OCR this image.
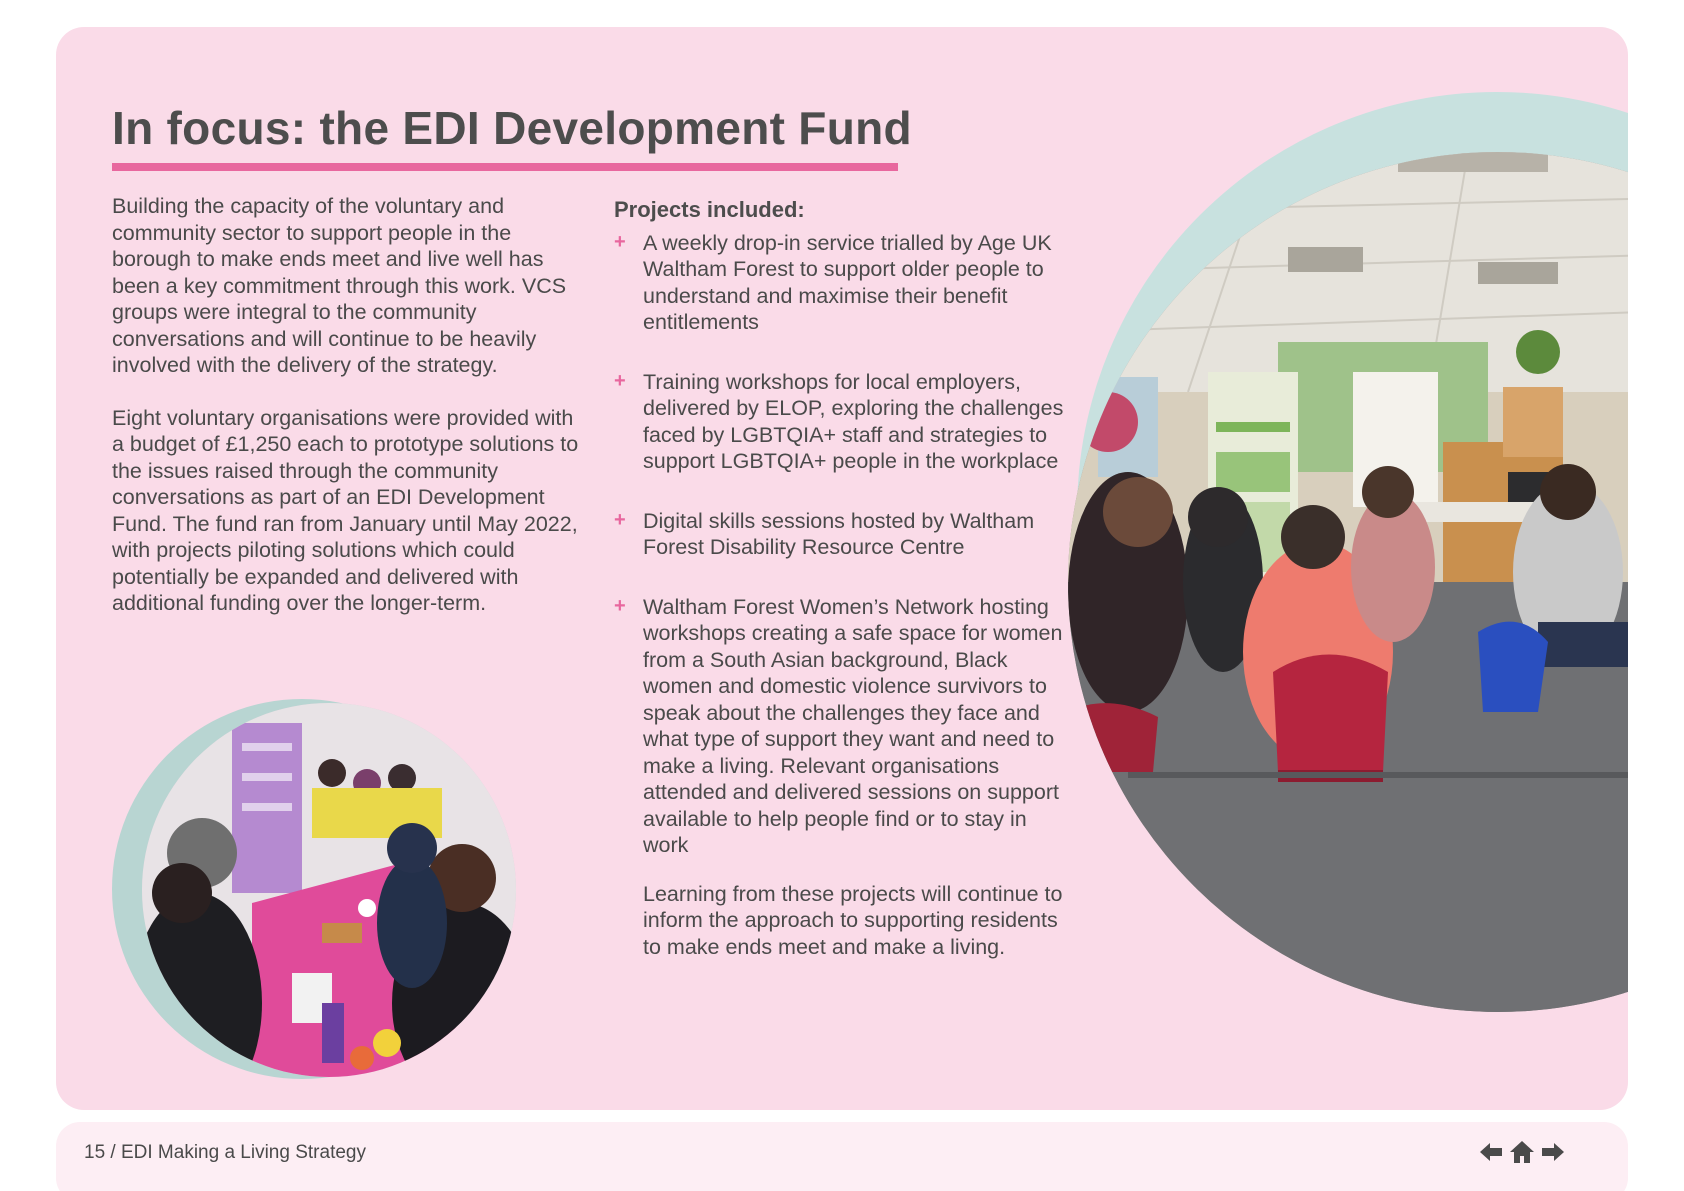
In focus: the EDI Development Fund

Building the capacity of the voluntary and community sector to support people in the borough to make ends meet and live well has been a key commitment through this work. VCS groups were integral to the community conversations and will continue to be heavily involved with the delivery of the strategy.

Eight voluntary organisations were provided with a budget of £1,250 each to prototype solutions to the issues raised through the community conversations as part of an EDI Development Fund. The fund ran from January until May 2022, with projects piloting solutions which could potentially be expanded and delivered with additional funding over the longer-term.

Projects included:
+ A weekly drop-in service trialled by Age UK Waltham Forest to support older people to understand and maximise their benefit entitlements
+ Training workshops for local employers, delivered by ELOP, exploring the challenges faced by LGBTQIA+ staff and strategies to support LGBTQIA+ people in the workplace
+ Digital skills sessions hosted by Waltham Forest Disability Resource Centre
+ Waltham Forest Women’s Network hosting workshops creating a safe space for women from a South Asian background, Black women and domestic violence survivors to speak about the challenges they face and what type of support they want and need to make a living. Relevant organisations attended and delivered sessions on support available to help people find or to stay in work
Learning from these projects will continue to inform the approach to supporting residents to make ends meet and make a living.
15 / EDI Making a Living Strategy
